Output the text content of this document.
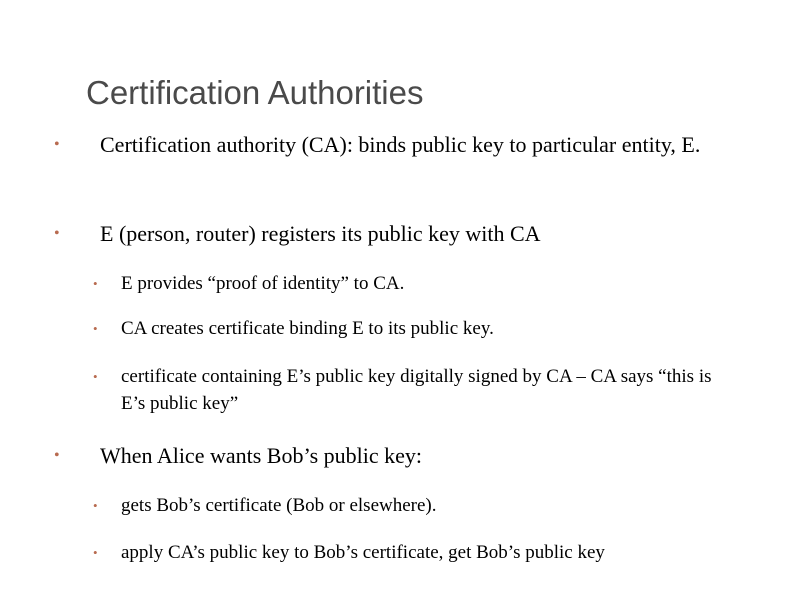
Certification Authorities
• Certification authority (CA): binds public key to particular entity, E.
• E (person, router) registers its public key with CA
• E provides “proof of identity” to CA.
• CA creates certificate binding E to its public key.
• certificate containing E’s public key digitally signed by CA – CA says “this is E’s public key”
• When Alice wants Bob’s public key:
• gets Bob’s certificate (Bob or elsewhere).
• apply CA’s public key to Bob’s certificate, get Bob’s public key
